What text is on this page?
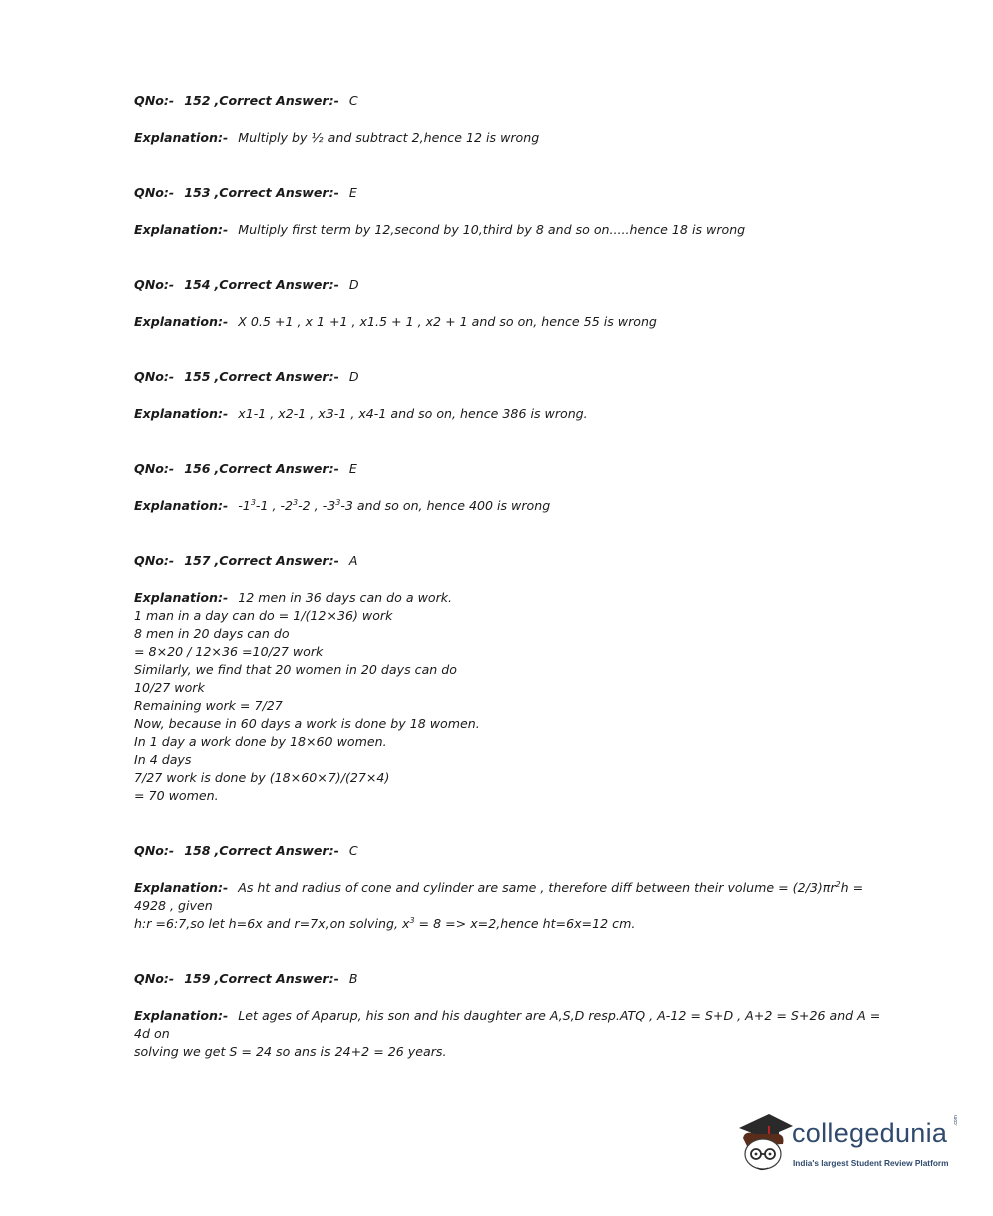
QNo:- 152 ,Correct Answer:- C
Explanation:- Multiply by ½ and subtract 2,hence 12 is wrong
QNo:- 153 ,Correct Answer:- E
Explanation:- Multiply first term by 12,second by 10,third by 8 and so on.....hence 18 is wrong
QNo:- 154 ,Correct Answer:- D
Explanation:- X 0.5 +1 , x 1 +1 , x1.5 + 1 , x2 + 1 and so on, hence 55 is wrong
QNo:- 155 ,Correct Answer:- D
Explanation:- x1-1 , x2-1 , x3-1 , x4-1 and so on, hence 386 is wrong.
QNo:- 156 ,Correct Answer:- E
Explanation:- $-1^3-1$ , $-2^3-2$ , $-3^3-3$ and so on, hence 400 is wrong
QNo:- 157 ,Correct Answer:- A
Explanation:- 12 men in 36 days can do a work.
1 man in a day can do = 1/(12×36) work
8 men in 20 days can do
= 8×20 / 12×36 =10/27 work
Similarly, we find that 20 women in 20 days can do
10/27 work
Remaining work = 7/27
Now, because in 60 days a work is done by 18 women.
In 1 day a work done by 18×60 women.
In 4 days
7/27 work is done by (18×60×7)/(27×4)
= 70 women.
QNo:- 158 ,Correct Answer:- C
Explanation:- As ht and radius of cone and cylinder are same , therefore diff between their volume = $(2/3)\pi r^2h = 4928$ , given
h:r =6:7,so let h=6x and r=7x,on solving, $x^3 = 8$ => x=2,hence ht=6x=12 cm.
QNo:- 159 ,Correct Answer:- B
Explanation:- Let ages of Aparup, his son and his daughter are A,S,D resp.ATQ , A-12 = S+D , A+2 = S+26 and A = 4d on
solving we get S = 24 so ans is 24+2 = 26 years.
collegedunia .com
India's largest Student Review Platform
